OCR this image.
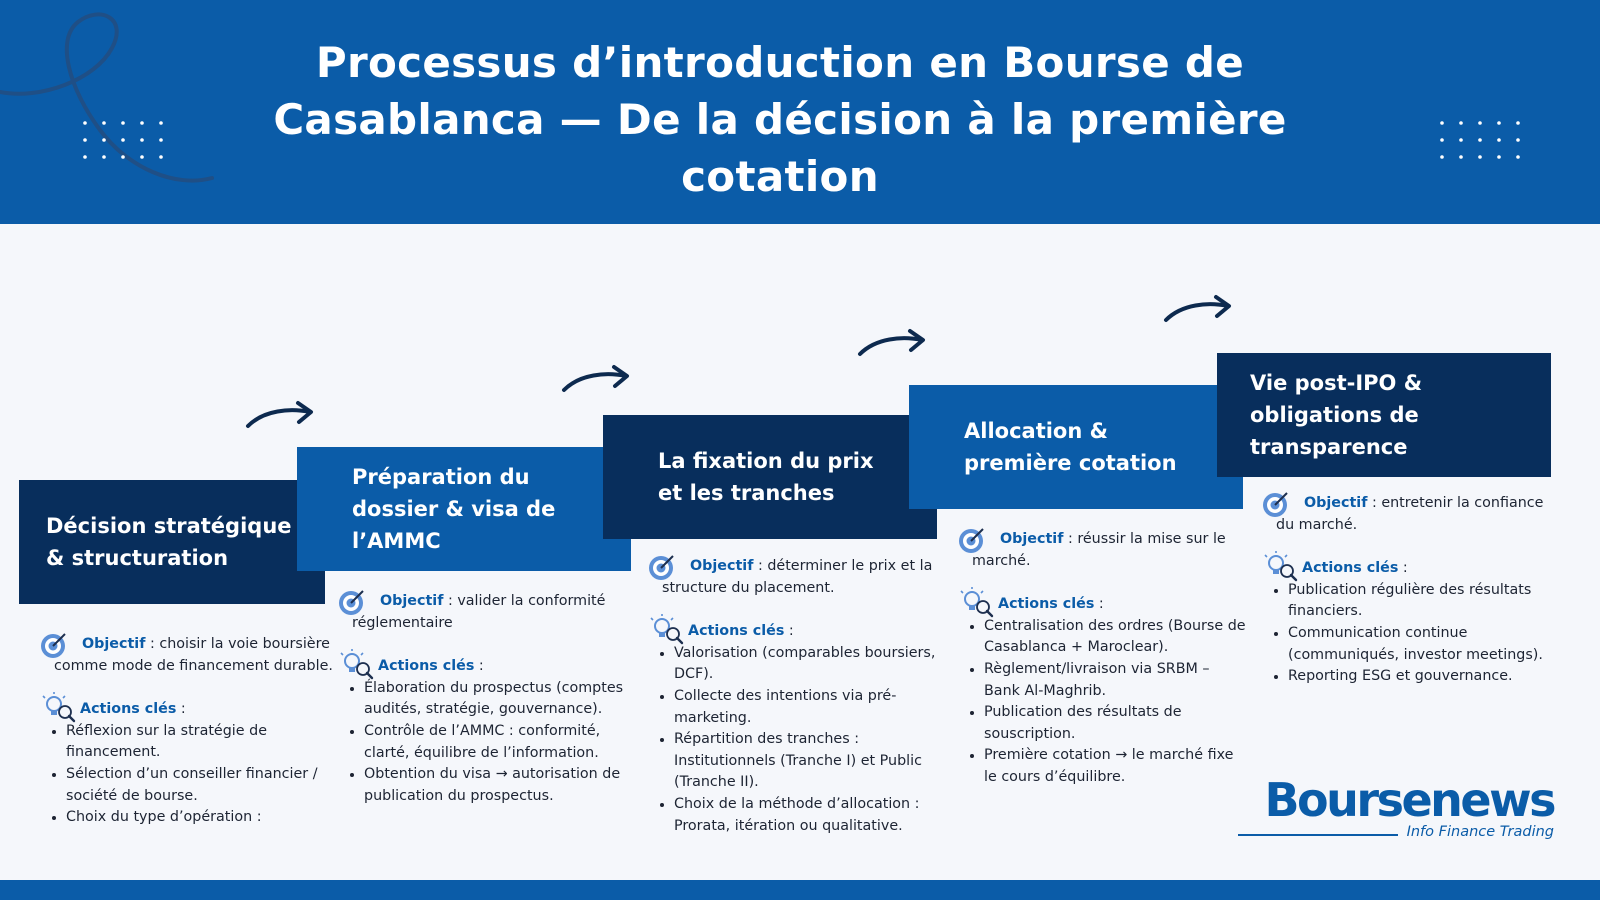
Processus d’introduction en Bourse de Casablanca — De la décision à la première cotation
Décision stratégique & structuration
Préparation du dossier & visa de l’AMMC
La fixation du prix et les tranches
Allocation & première cotation
Vie post-IPO & obligations de transparence
Objectif : choisir la voie boursière comme mode de financement durable.
Actions clés :
Réflexion sur la stratégie de financement.
Sélection d’un conseiller financier / société de bourse.
Choix du type d’opération :
Objectif : valider la conformité réglementaire
Actions clés :
Élaboration du prospectus (comptes audités, stratégie, gouvernance).
Contrôle de l’AMMC : conformité, clarté, équilibre de l’information.
Obtention du visa → autorisation de publication du prospectus.
Objectif : déterminer le prix et la structure du placement.
Actions clés :
Valorisation (comparables boursiers, DCF).
Collecte des intentions via pré-marketing.
Répartition des tranches : Institutionnels (Tranche I) et Public (Tranche II).
Choix de la méthode d’allocation : Prorata, itération ou qualitative.
Objectif : réussir la mise sur le marché.
Actions clés :
Centralisation des ordres (Bourse de Casablanca + Maroclear).
Règlement/livraison via SRBM – Bank Al-Maghrib.
Publication des résultats de souscription.
Première cotation → le marché fixe le cours d’équilibre.
Objectif : entretenir la confiance du marché.
Actions clés :
Publication régulière des résultats financiers.
Communication continue (communiqués, investor meetings).
Reporting ESG et gouvernance.
Boursenews
Info Finance Trading
